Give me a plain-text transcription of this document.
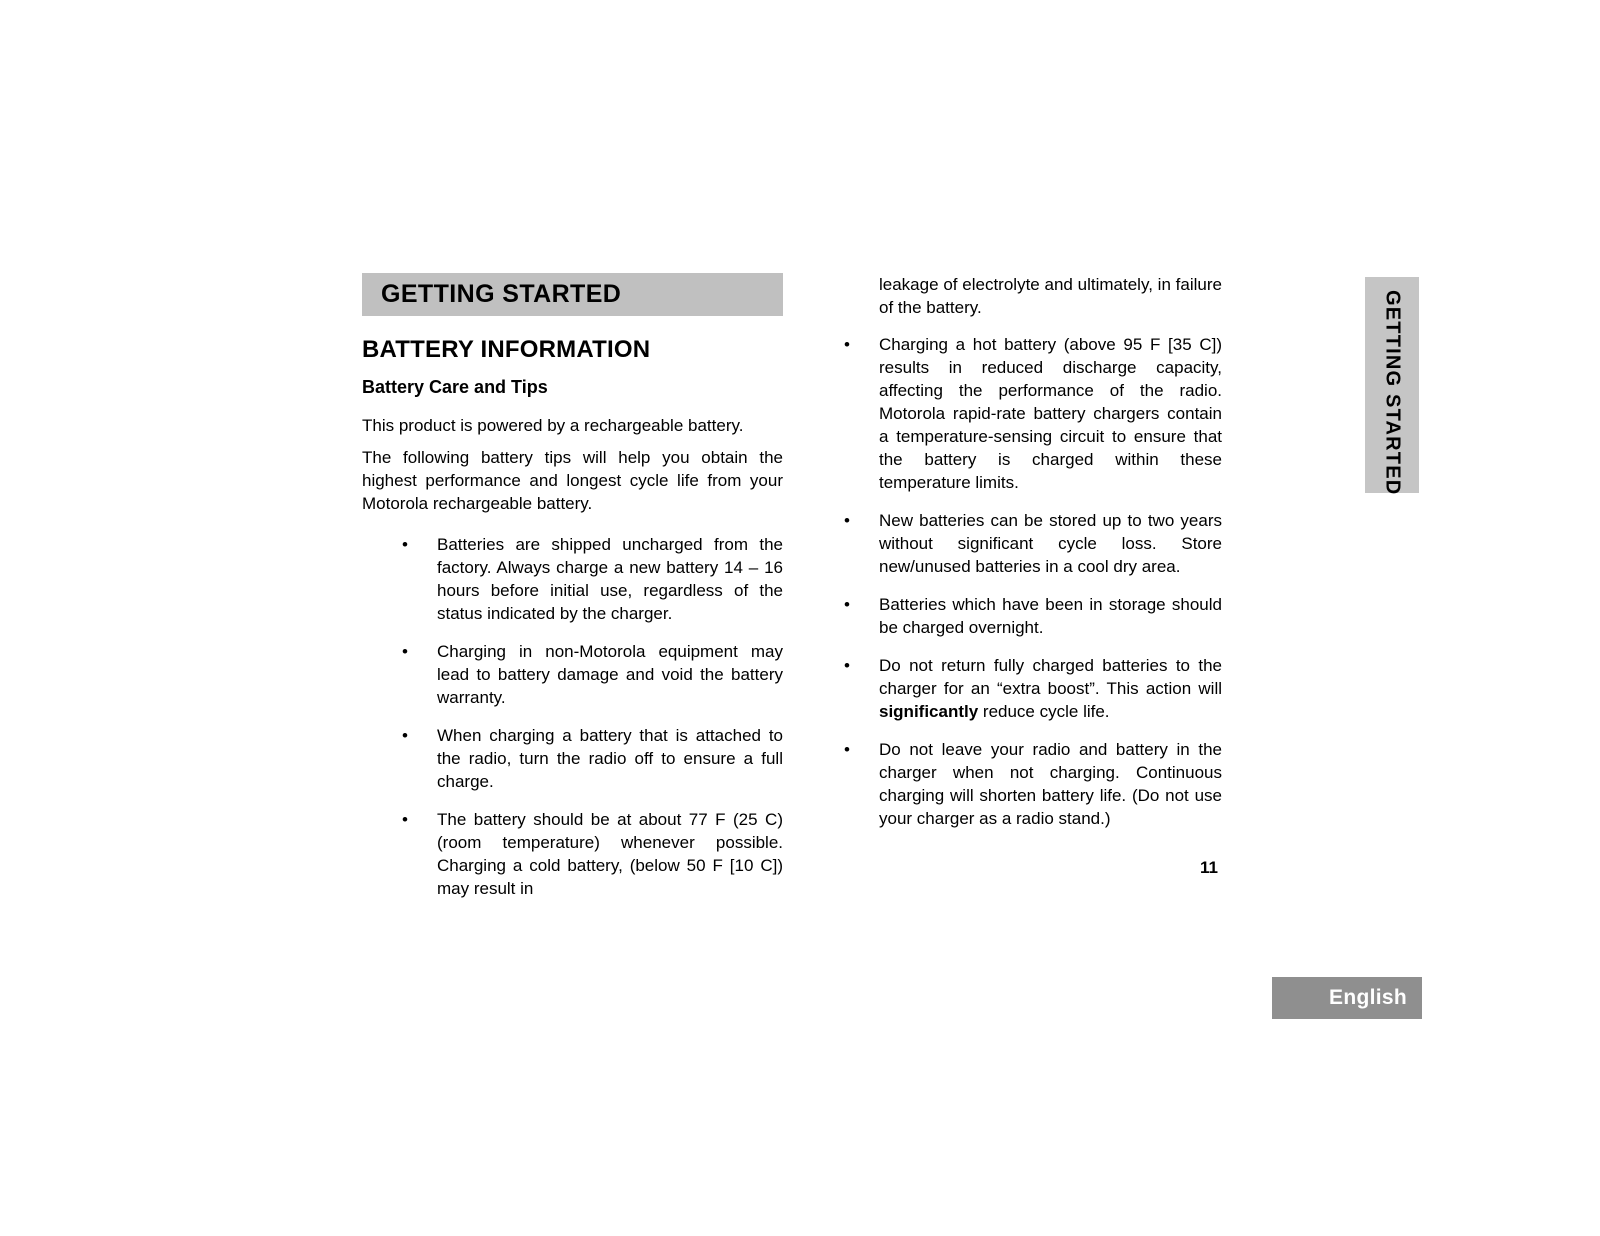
GETTING STARTED
BATTERY INFORMATION
Battery Care and Tips

This product is powered by a rechargeable battery.

The following battery tips will help you obtain the highest performance and longest cycle life from your Motorola rechargeable battery.

• Batteries are shipped uncharged from the factory. Always charge a new battery 14 – 16 hours before initial use, regardless of the status indicated by the charger.
• Charging in non-Motorola equipment may lead to battery damage and void the battery warranty.
• When charging a battery that is attached to the radio, turn the radio off to ensure a full charge.
• The battery should be at about 77 F (25 C) (room temperature) whenever possible. Charging a cold battery, (below 50 F [10 C]) may result in

leakage of electrolyte and ultimately, in failure of the battery.

• Charging a hot battery (above 95 F [35 C]) results in reduced discharge capacity, affecting the performance of the radio. Motorola rapid-rate battery chargers contain a temperature-sensing circuit to ensure that the battery is charged within these temperature limits.
• New batteries can be stored up to two years without significant cycle loss. Store new/unused batteries in a cool dry area.
• Batteries which have been in storage should be charged overnight.
• Do not return fully charged batteries to the charger for an “extra boost”. This action will significantly reduce cycle life.
• Do not leave your radio and battery in the charger when not charging. Continuous charging will shorten battery life. (Do not use your charger as a radio stand.)
11
GETTING STARTED
English
